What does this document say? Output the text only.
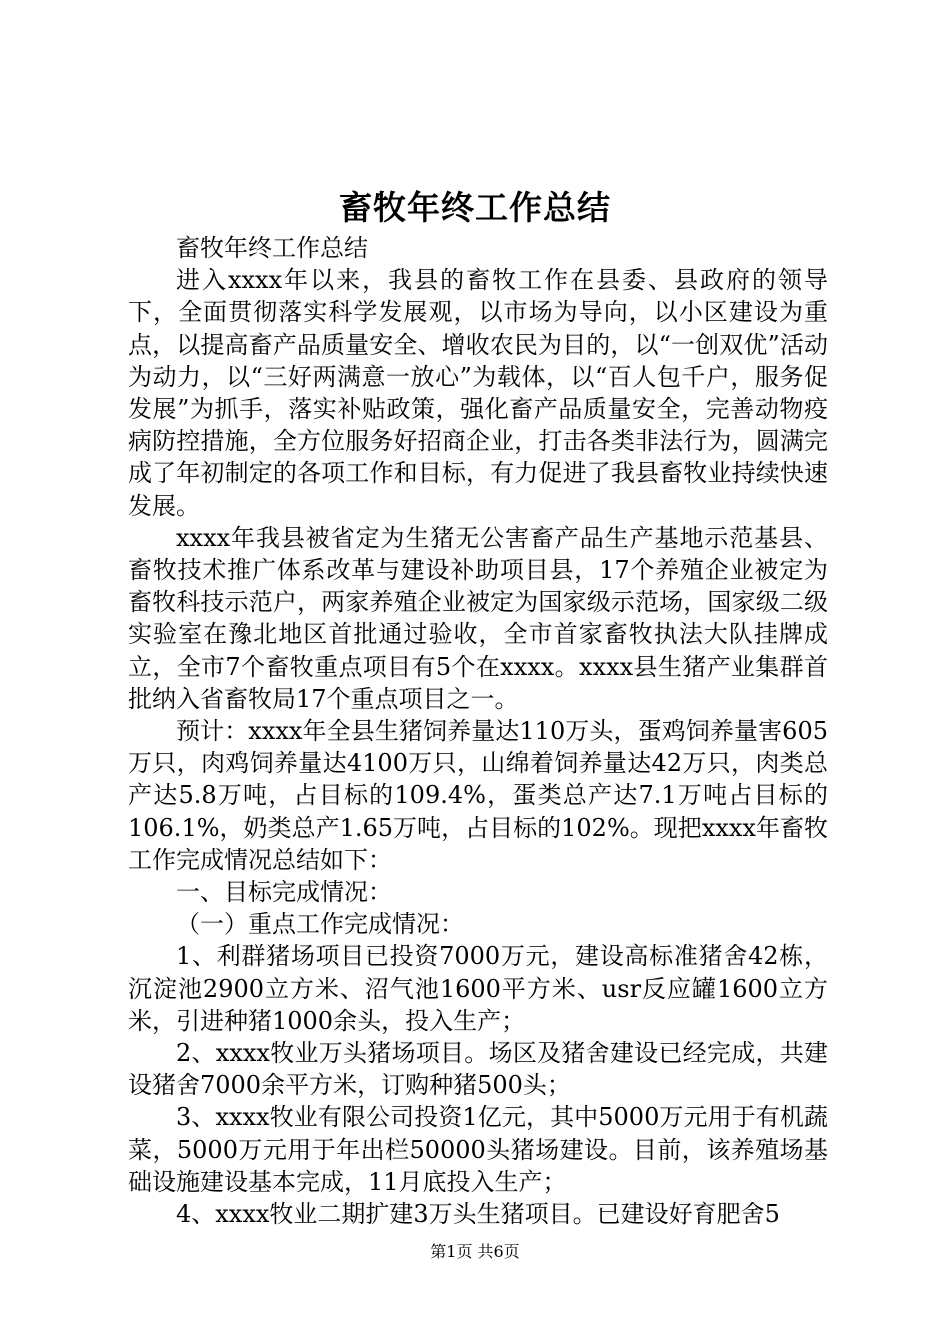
畜牧年终工作总结

畜牧年终工作总结

进入xxxx年以来，我县的畜牧工作在县委、县政府的领导下，全面贯彻落实科学发展观，以市场为导向，以小区建设为重点，以提高畜产品质量安全、增收农民为目的，以“一创双优”活动为动力，以“三好两满意一放心”为载体，以“百人包千户，服务促发展”为抓手，落实补贴政策，强化畜产品质量安全，完善动物疫病防控措施，全方位服务好招商企业，打击各类非法行为，圆满完成了年初制定的各项工作和目标，有力促进了我县畜牧业持续快速发展。

xxxx年我县被省定为生猪无公害畜产品生产基地示范基县、畜牧技术推广体系改革与建设补助项目县，17个养殖企业被定为畜牧科技示范户，两家养殖企业被定为国家级示范场，国家级二级实验室在豫北地区首批通过验收，全市首家畜牧执法大队挂牌成立，全市7个畜牧重点项目有5个在xxxx。xxxx县生猪产业集群首批纳入省畜牧局17个重点项目之一。

预计：xxxx年全县生猪饲养量达110万头，蛋鸡饲养量害605万只，肉鸡饲养量达4100万只，山绵着饲养量达42万只，肉类总产达5.8万吨，占目标的109.4%，蛋类总产达7.1万吨占目标的106.1%，奶类总产1.65万吨，占目标的102%。现把xxxx年畜牧工作完成情况总结如下：

一、目标完成情况：

（一）重点工作完成情况：

1、利群猪场项目已投资7000万元，建设高标准猪舍42栋，沉淀池2900立方米、沼气池1600平方米、usr反应罐1600立方米，引进种猪1000余头，投入生产；

2、xxxx牧业万头猪场项目。场区及猪舍建设已经完成，共建设猪舍7000余平方米，订购种猪500头；

3、xxxx牧业有限公司投资1亿元，其中5000万元用于有机蔬菜，5000万元用于年出栏50000头猪场建设。目前，该养殖场基础设施建设基本完成，11月底投入生产；

4、xxxx牧业二期扩建3万头生猪项目。已建设好育肥舍5

第1页 共6页
